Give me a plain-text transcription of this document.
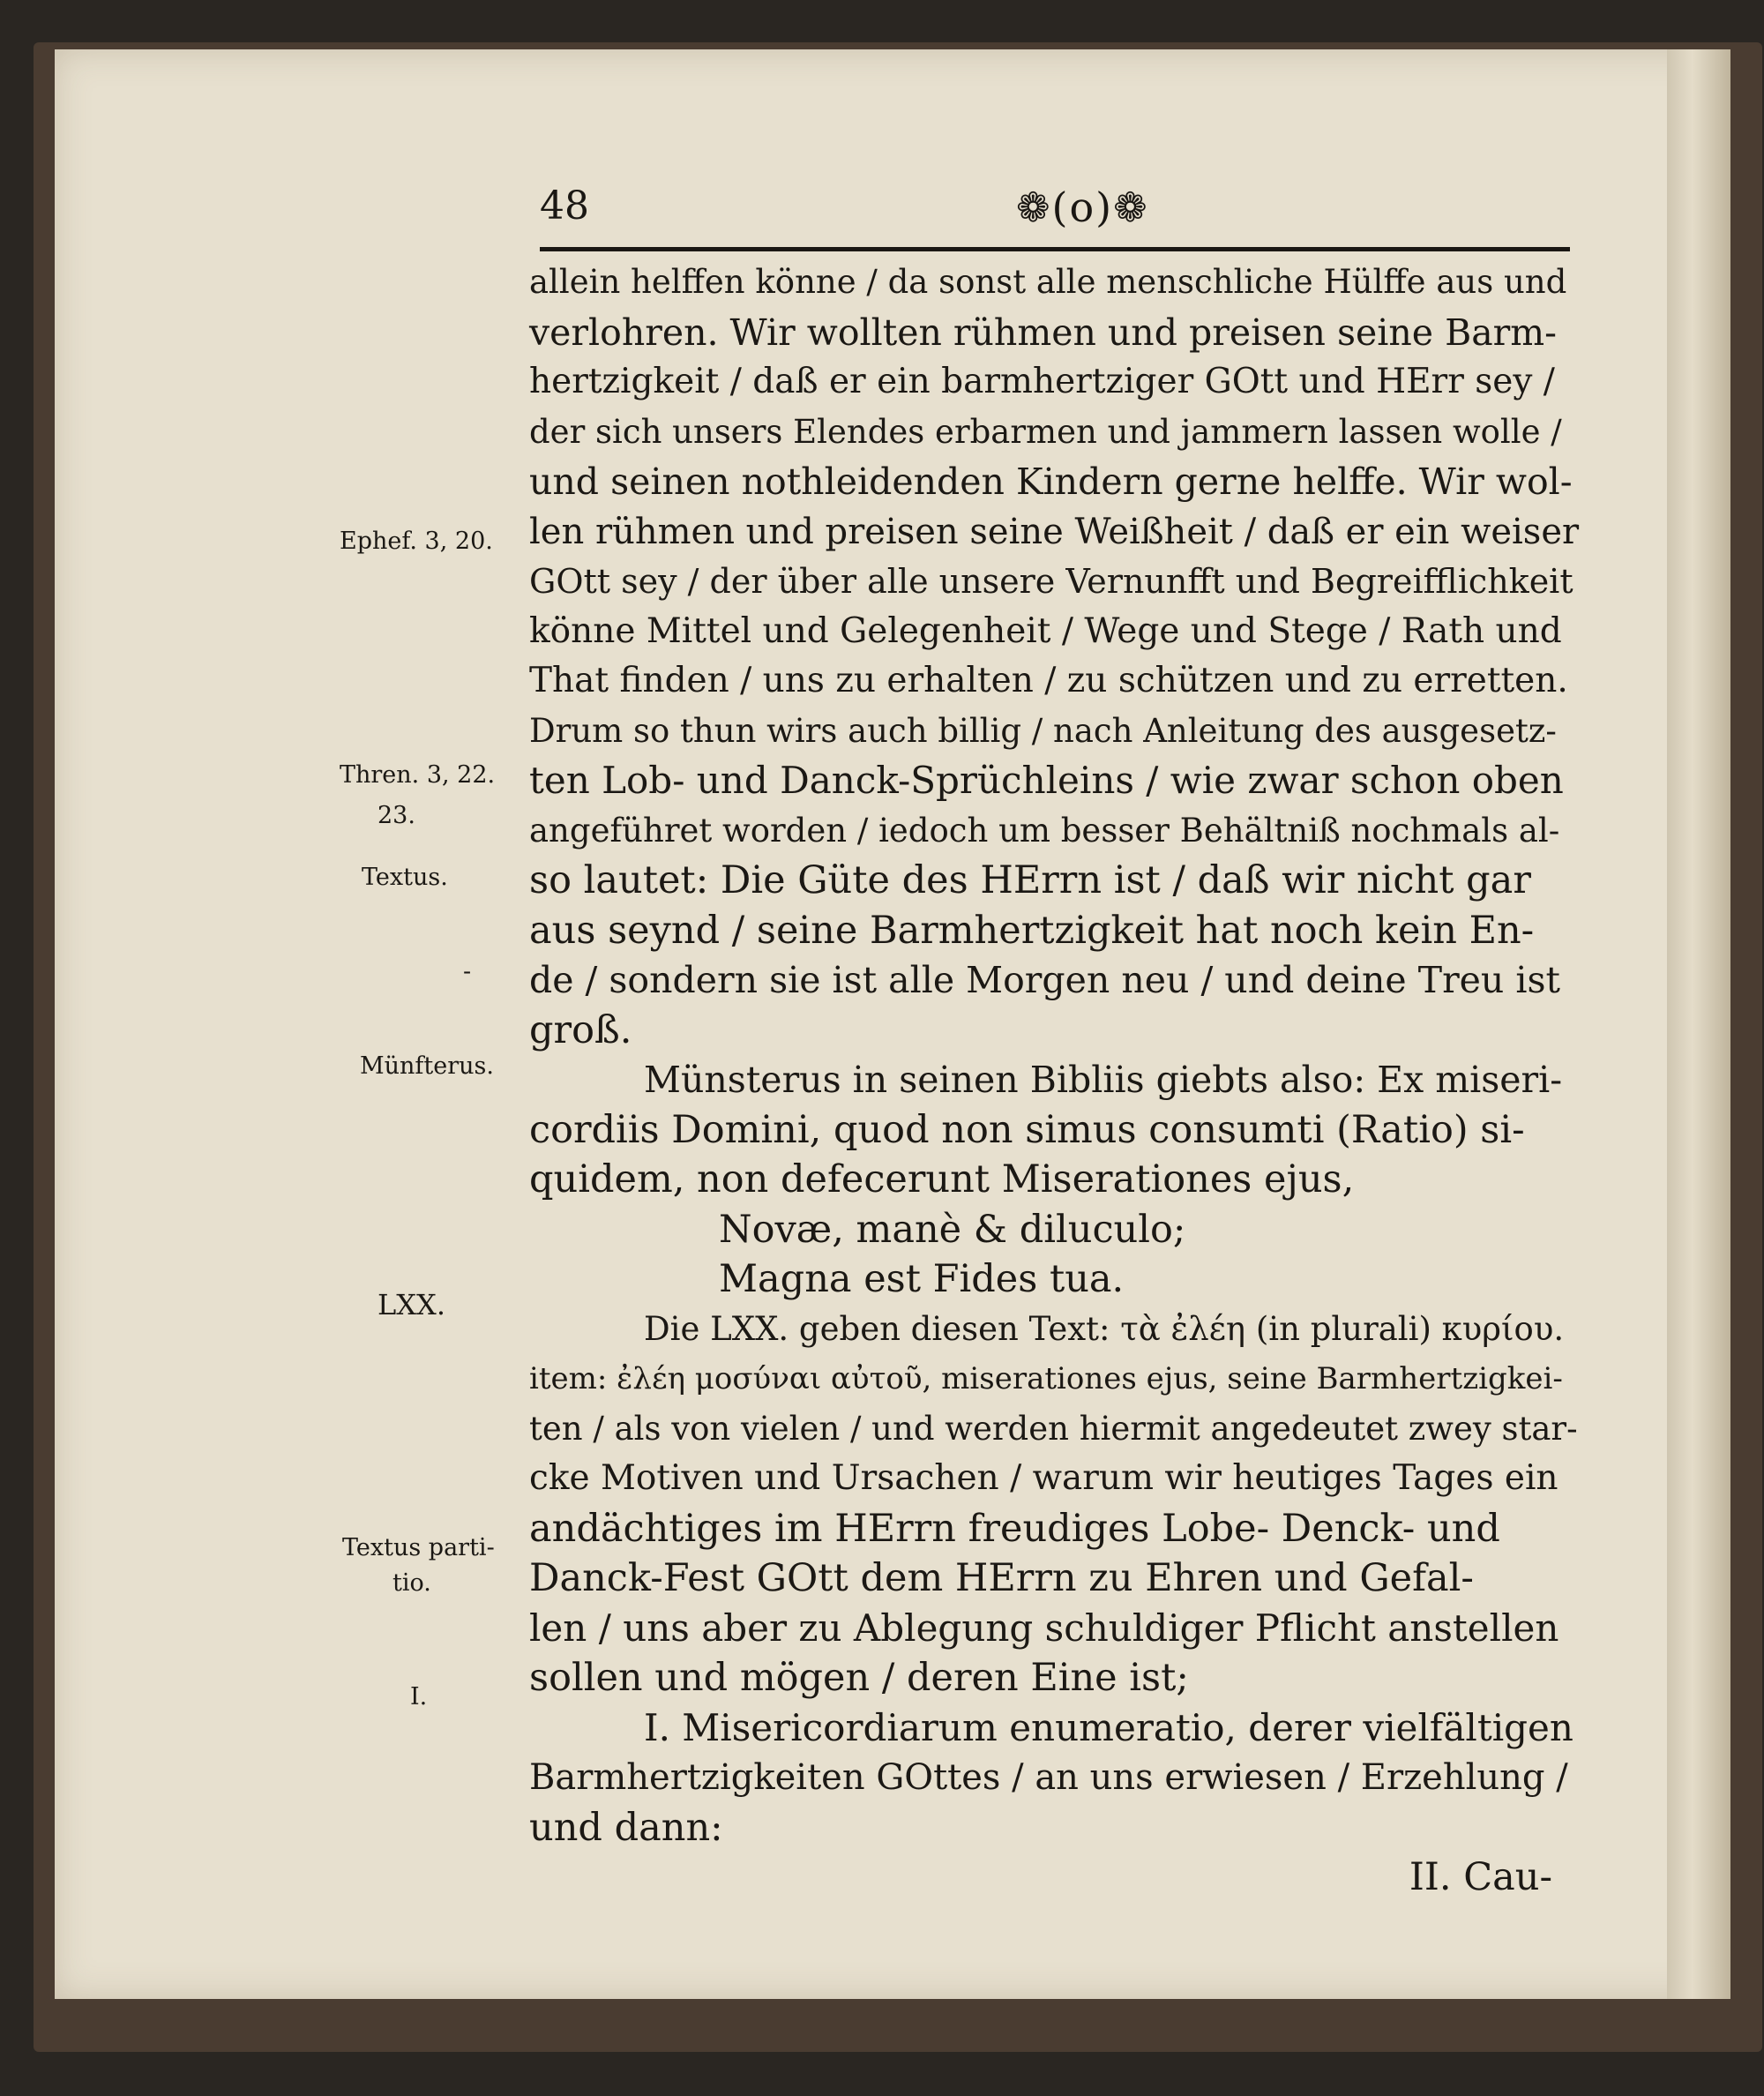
48	❁(o)❁
Ephef. 3, 20.
Thren. 3, 22.
23.
Textus.
-
Münfterus.
LXX.
Textus parti-
tio.
I.
allein helffen könne / da sonst alle menschliche Hülffe aus und
verlohren. Wir wollten rühmen und preisen seine Barm-
hertzigkeit / daß er ein barmhertziger GOtt und HErr sey /
der sich unsers Elendes erbarmen und jammern lassen wolle /
und seinen nothleidenden Kindern gerne helffe. Wir wol-
len rühmen und preisen seine Weißheit / daß er ein weiser
GOtt sey / der über alle unsere Vernunfft und Begreifflichkeit
könne Mittel und Gelegenheit / Wege und Stege / Rath und
That finden / uns zu erhalten / zu schützen und zu erretten.
Drum so thun wirs auch billig / nach Anleitung des ausgesetz-
ten Lob- und Danck-Sprüchleins / wie zwar schon oben
angeführet worden / iedoch um besser Behältniß nochmals al-
so lautet: Die Güte des HErrn ist / daß wir nicht gar
aus seynd / seine Barmhertzigkeit hat noch kein En-
de / sondern sie ist alle Morgen neu / und deine Treu ist
groß.
Münsterus in seinen Bibliis giebts also: Ex miseri-
cordiis Domini, quod non simus consumti (Ratio) si-
quidem, non defecerunt Miserationes ejus,
Novæ, manè & diluculo;
Magna est Fides tua.
Die LXX. geben diesen Text: τὰ ἐλέη (in plurali) κυρίου.
item: ἐλέη μοσύναι αὐτοῦ, miserationes ejus, seine Barmhertzigkei-
ten / als von vielen / und werden hiermit angedeutet zwey star-
cke Motiven und Ursachen / warum wir heutiges Tages ein
andächtiges im HErrn freudiges Lobe- Denck- und
Danck-Fest GOtt dem HErrn zu Ehren und Gefal-
len / uns aber zu Ablegung schuldiger Pflicht anstellen
sollen und mögen / deren Eine ist;
I. Misericordiarum enumeratio, derer vielfältigen
Barmhertzigkeiten GOttes / an uns erwiesen / Erzehlung /
und dann:
II. Cau-
